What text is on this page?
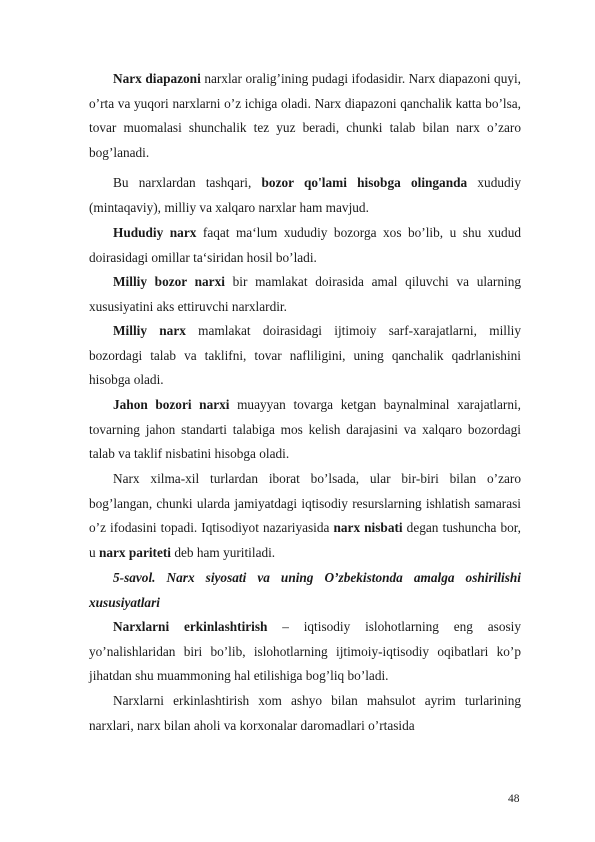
Narx diapazoni narxlar oralig’ining pudagi ifodasidir. Narx diapazoni quyi, o’rta va yuqori narxlarni o’z ichiga oladi. Narx diapazoni qanchalik katta bo’lsa, tovar muomalasi shunchalik tez yuz beradi, chunki talab bilan narx o’zaro bog’lanadi.

Bu narxlardan tashqari, bozor qo'lami hisobga olinganda xududiy (mintaqaviy), milliy va xalqaro narxlar ham mavjud.

Hududiy narx faqat ma‘lum xududiy bozorga xos bo’lib, u shu xudud doirasidagi omillar ta‘siridan hosil bo’ladi.

Milliy bozor narxi bir mamlakat doirasida amal qiluvchi va ularning xususiyatini aks ettiruvchi narxlardir.

Milliy narx mamlakat doirasidagi ijtimoiy sarf-xarajatlarni, milliy bozordagi talab va taklifni, tovar nafliligini, uning qanchalik qadrlanishini hisobga oladi.

Jahon bozori narxi muayyan tovarga ketgan baynalminal xarajatlarni, tovarning jahon standarti talabiga mos kelish darajasini va xalqaro bozordagi talab va taklif nisbatini hisobga oladi.

Narx xilma-xil turlardan iborat bo’lsada, ular bir-biri bilan o’zaro bog’langan, chunki ularda jamiyatdagi iqtisodiy resurslarning ishlatish samarasi o’z ifodasini topadi. Iqtisodiyot nazariyasida narx nisbati degan tushuncha bor, u narx pariteti deb ham yuritiladi.

5-savol. Narx siyosati va uning O’zbekistonda amalga oshirilishi xususiyatlari

Narxlarni erkinlashtirish – iqtisodiy islohotlarning eng asosiy yo’nalishlaridan biri bo’lib, islohotlarning ijtimoiy-iqtisodiy oqibatlari ko’p jihatdan shu muammoning hal etilishiga bog’liq bo’ladi.

Narxlarni erkinlashtirish xom ashyo bilan mahsulot ayrim turlarining narxlari, narx bilan aholi va korxonalar daromadlari o’rtasida

48
